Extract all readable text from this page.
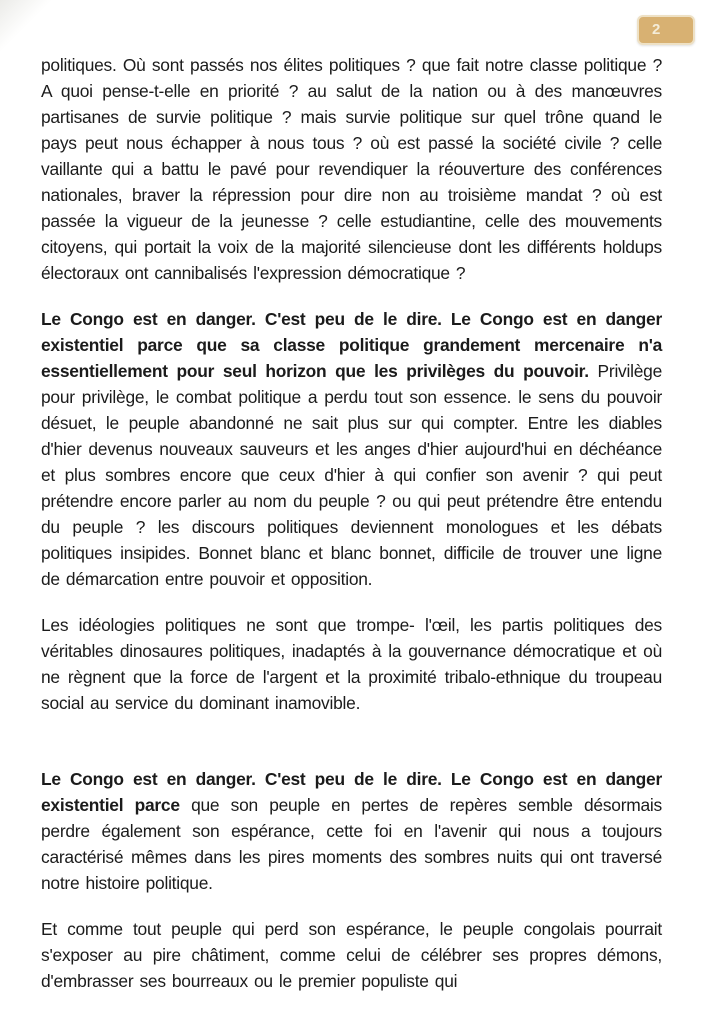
2

politiques. Où sont passés nos élites politiques ? que fait notre classe politique ? A quoi pense-t-elle en priorité ? au salut de la nation ou à des manœuvres partisanes de survie politique ? mais survie politique sur quel trône quand le pays peut nous échapper à nous tous ? où est passé la société civile ? celle vaillante qui a battu le pavé pour revendiquer la réouverture des conférences nationales, braver la répression pour dire non au troisième mandat ? où est passée la vigueur de la jeunesse ? celle estudiantine, celle des mouvements citoyens, qui portait la voix de la majorité silencieuse dont les différents holdups électoraux ont cannibalisés l'expression démocratique ?

Le Congo est en danger. C'est peu de le dire. Le Congo est en danger existentiel parce que sa classe politique grandement mercenaire n'a essentiellement pour seul horizon que les privilèges du pouvoir. Privilège pour privilège, le combat politique a perdu tout son essence. le sens du pouvoir désuet, le peuple abandonné ne sait plus sur qui compter. Entre les diables d'hier devenus nouveaux sauveurs et les anges d'hier aujourd'hui en déchéance et plus sombres encore que ceux d'hier à qui confier son avenir ? qui peut prétendre encore parler au nom du peuple ? ou qui peut prétendre être entendu du peuple ? les discours politiques deviennent monologues et les débats politiques insipides. Bonnet blanc et blanc bonnet, difficile de trouver une ligne de démarcation entre pouvoir et opposition.

Les idéologies politiques ne sont que trompe- l'œil, les partis politiques des véritables dinosaures politiques, inadaptés à la gouvernance démocratique et où ne règnent que la force de l'argent et la proximité tribalo-ethnique du troupeau social au service du dominant inamovible.

Le Congo est en danger. C'est peu de le dire. Le Congo est en danger existentiel parce que son peuple en pertes de repères semble désormais perdre également son espérance, cette foi en l'avenir qui nous a toujours caractérisé mêmes dans les pires moments des sombres nuits qui ont traversé notre histoire politique.

Et comme tout peuple qui perd son espérance, le peuple congolais pourrait s'exposer au pire châtiment, comme celui de célébrer ses propres démons, d'embrasser ses bourreaux ou le premier populiste qui
